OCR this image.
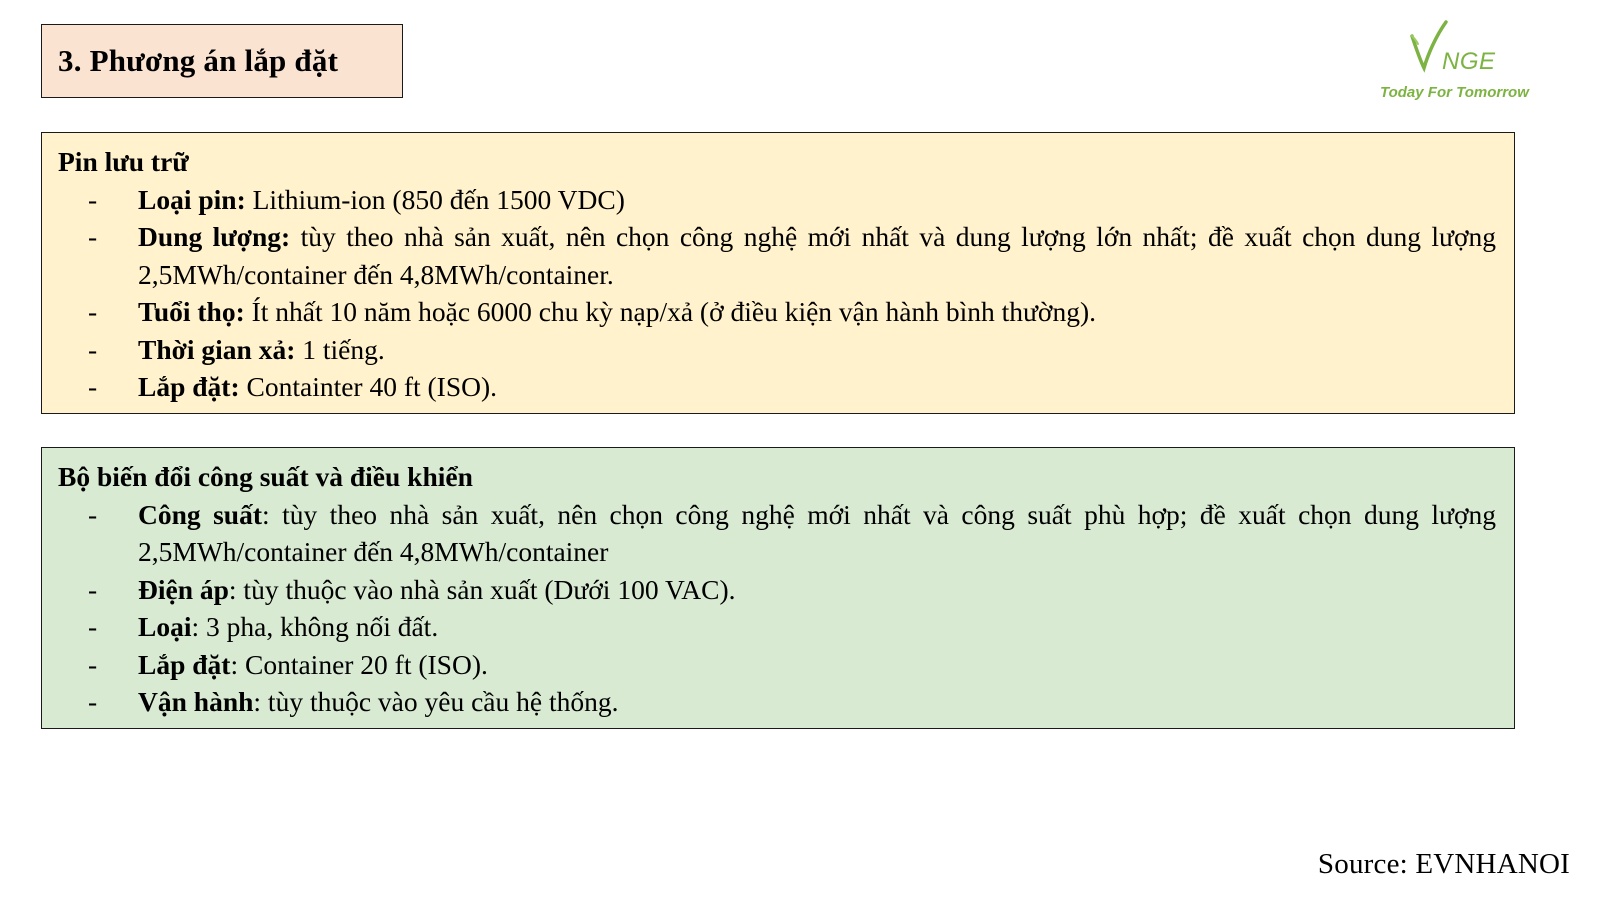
3. Phương án lắp đặt	NGE
Today For Tomorrow

Pin lưu trữ

- Loại pin: Lithium-ion (850 đến 1500 VDC)
- Dung lượng: tùy theo nhà sản xuất, nên chọn công nghệ mới nhất và dung lượng lớn nhất; đề xuất chọn dung lượng 2,5MWh/container đến 4,8MWh/container.
- Tuổi thọ: Ít nhất 10 năm hoặc 6000 chu kỳ nạp/xả (ở điều kiện vận hành bình thường).
- Thời gian xả: 1 tiếng.
- Lắp đặt: Containter 40 ft (ISO).

Bộ biến đổi công suất và điều khiển

- Công suất: tùy theo nhà sản xuất, nên chọn công nghệ mới nhất và công suất phù hợp; đề xuất chọn dung lượng 2,5MWh/container đến 4,8MWh/container
- Điện áp: tùy thuộc vào nhà sản xuất (Dưới 100 VAC).
- Loại: 3 pha, không nối đất.
- Lắp đặt: Container 20 ft (ISO).
- Vận hành: tùy thuộc vào yêu cầu hệ thống.
Source: EVNHANOI
